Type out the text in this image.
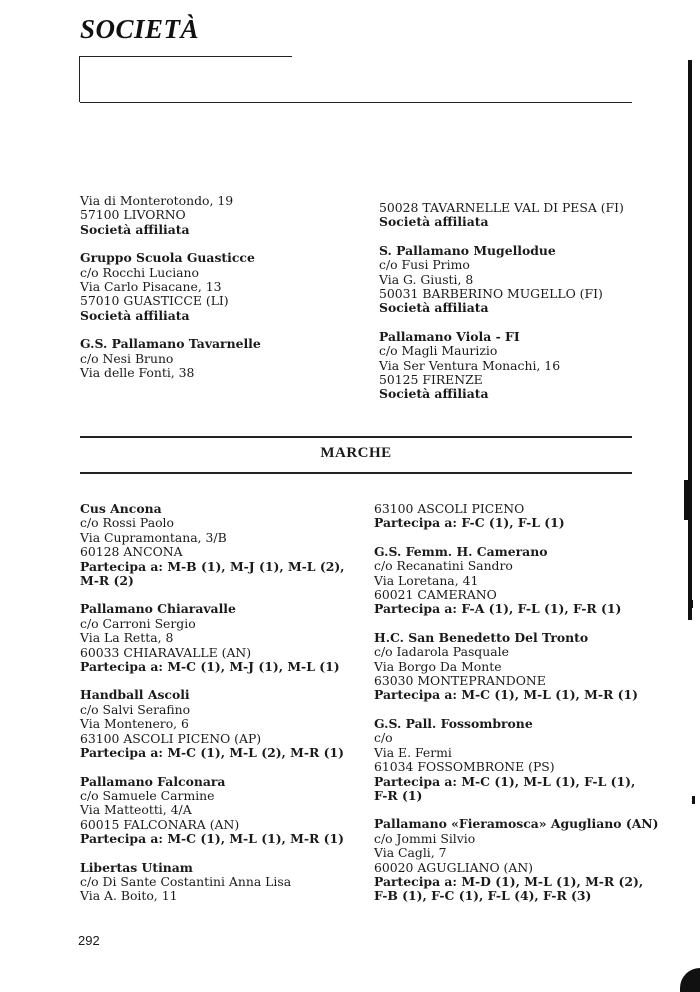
SOCIETÀ
Via di Monterotondo, 19
57100 LIVORNO
Società affiliata
Gruppo Scuola Guasticce
c/o Rocchi Luciano
Via Carlo Pisacane, 13
57010 GUASTICCE (LI)
Società affiliata
G.S. Pallamano Tavarnelle
c/o Nesi Bruno
Via delle Fonti, 38
50028 TAVARNELLE VAL DI PESA (FI)
Società affiliata
S. Pallamano Mugellodue
c/o Fusi Primo
Via G. Giusti, 8
50031 BARBERINO MUGELLO (FI)
Società affiliata
Pallamano Viola - FI
c/o Magli Maurizio
Via Ser Ventura Monachi, 16
50125 FIRENZE
Società affiliata
MARCHE
Cus Ancona
c/o Rossi Paolo
Via Cupramontana, 3/B
60128 ANCONA
Partecipa a: M-B (1), M-J (1), M-L (2),
M-R (2)
Pallamano Chiaravalle
c/o Carroni Sergio
Via La Retta, 8
60033 CHIARAVALLE (AN)
Partecipa a: M-C (1), M-J (1), M-L (1)
Handball Ascoli
c/o Salvi Serafino
Via Montenero, 6
63100 ASCOLI PICENO (AP)
Partecipa a: M-C (1), M-L (2), M-R (1)
Pallamano Falconara
c/o Samuele Carmine
Via Matteotti, 4/A
60015 FALCONARA (AN)
Partecipa a: M-C (1), M-L (1), M-R (1)
Libertas Utinam
c/o Di Sante Costantini Anna Lisa
Via A. Boito, 11
63100 ASCOLI PICENO
Partecipa a: F-C (1), F-L (1)
G.S. Femm. H. Camerano
c/o Recanatini Sandro
Via Loretana, 41
60021 CAMERANO
Partecipa a: F-A (1), F-L (1), F-R (1)
H.C. San Benedetto Del Tronto
c/o Iadarola Pasquale
Via Borgo Da Monte
63030 MONTEPRANDONE
Partecipa a: M-C (1), M-L (1), M-R (1)
G.S. Pall. Fossombrone
c/o
Via E. Fermi
61034 FOSSOMBRONE (PS)
Partecipa a: M-C (1), M-L (1), F-L (1),
F-R (1)
Pallamano «Fieramosca» Agugliano (AN)
c/o Jommi Silvio
Via Cagli, 7
60020 AGUGLIANO (AN)
Partecipa a: M-D (1), M-L (1), M-R (2),
F-B (1), F-C (1), F-L (4), F-R (3)
292
